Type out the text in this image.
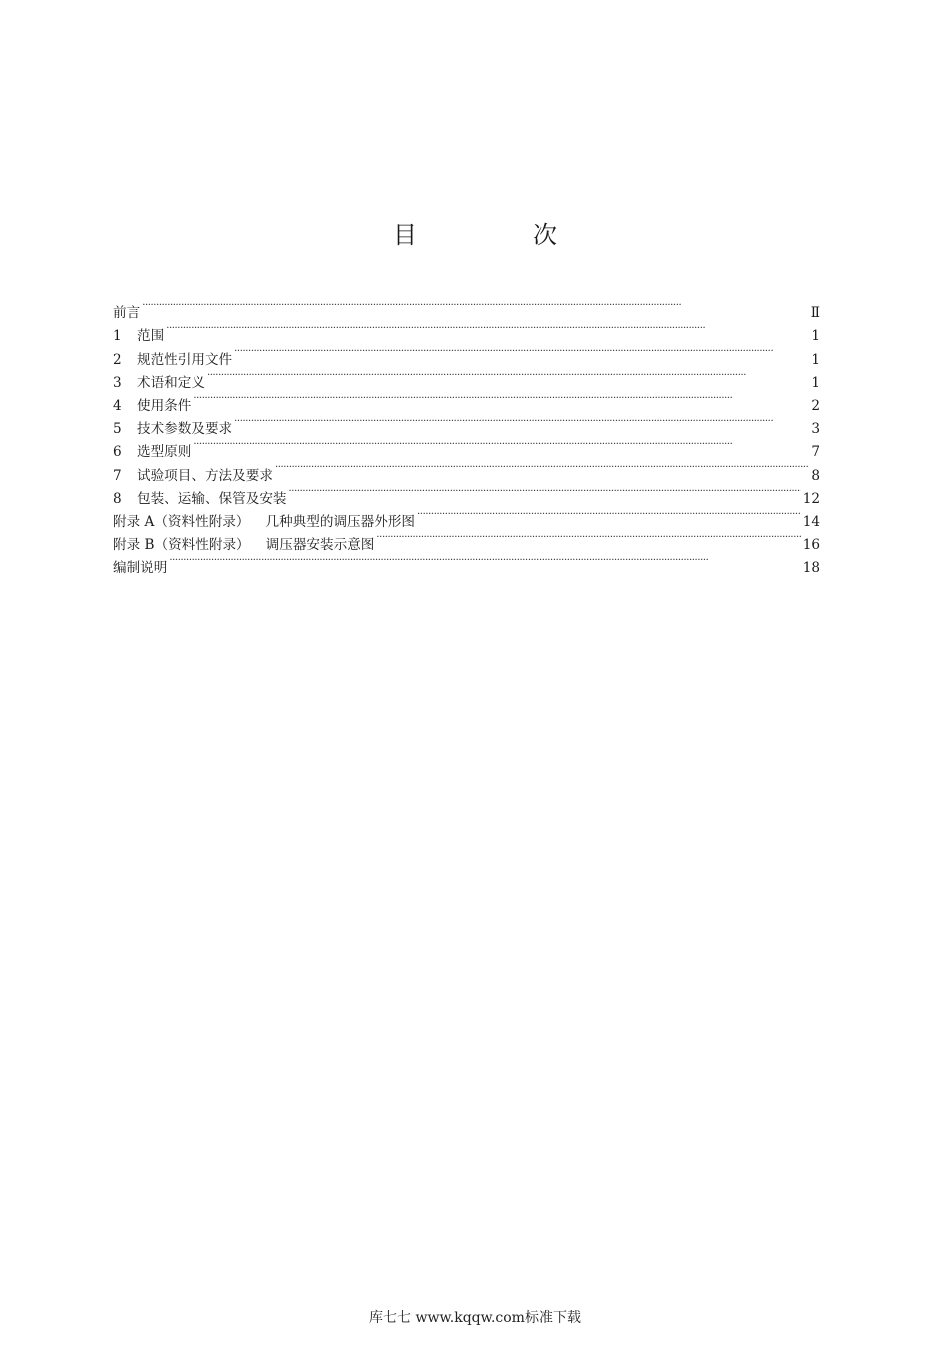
目　次
前言 ·····	Ⅱ
1	范围 ·····	1
2	规范性引用文件 ·····	1
3	术语和定义 ·····	1
4	使用条件 ·····	2
5	技术参数及要求 ·····	3
6	选型原则 ·····	7
7	试验项目、方法及要求 ·····	8
8	包装、运输、保管及安装 ·····	12
附录 A（资料性附录） 几种典型的调压器外形图 ·····	14
附录 B（资料性附录） 调压器安装示意图 ·····	16
编制说明 ·····	18
库七七 www.kqqw.com标准下载
